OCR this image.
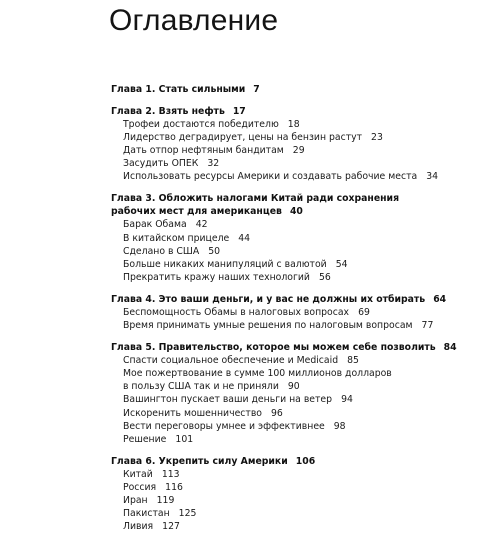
Оглавление
Глава 1. Стать сильными 7
Глава 2. Взять нефть 17
Трофеи достаются победителю 18
Лидерство деградирует, цены на бензин растут 23
Дать отпор нефтяным бандитам 29
Засудить ОПЕК 32
Использовать ресурсы Америки и создавать рабочие места 34
Глава 3. Обложить налогами Китай ради сохранения
рабочих мест для американцев 40
Барак Обама 42
В китайском прицеле 44
Сделано в США 50
Больше никаких манипуляций с валютой 54
Прекратить кражу наших технологий 56
Глава 4. Это ваши деньги, и у вас не должны их отбирать 64
Беспомощность Обамы в налоговых вопросах 69
Время принимать умные решения по налоговым вопросам 77
Глава 5. Правительство, которое мы можем себе позволить 84
Спасти социальное обеспечение и Medicaid 85
Мое пожертвование в сумме 100 миллионов долларов
в пользу США так и не приняли 90
Вашингтон пускает ваши деньги на ветер 94
Искоренить мошенничество 96
Вести переговоры умнее и эффективнее 98
Решение 101
Глава 6. Укрепить силу Америки 106
Китай 113
Россия 116
Иран 119
Пакистан 125
Ливия 127
